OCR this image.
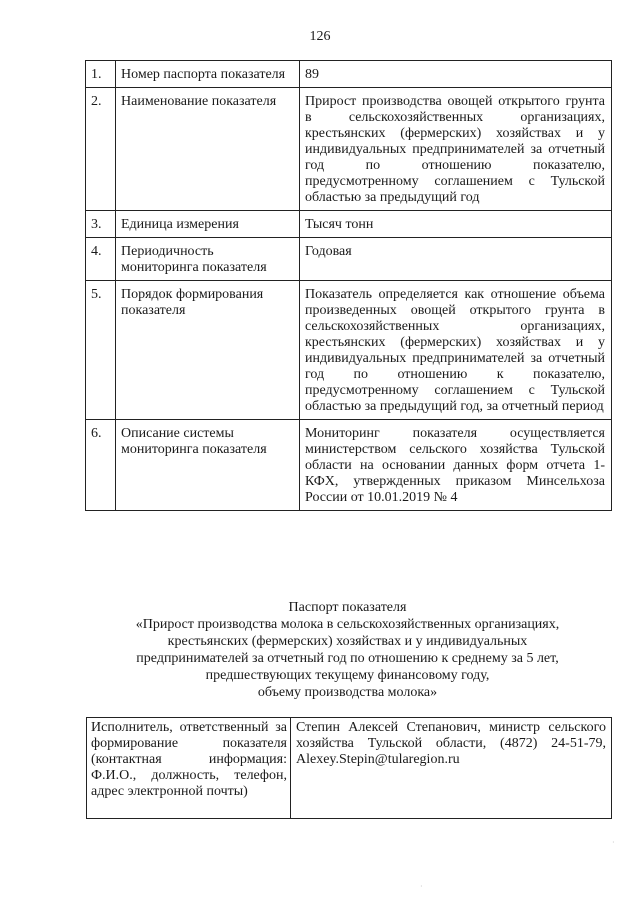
126
1.	Номер паспорта показателя	89
2.	Наименование показателя	Прирост производства овощей открытого грунта в сельскохозяйственных организациях, крестьянских (фермерских) хозяйствах и у индивидуальных предпринимателей за отчетный год по отношению показателю, предусмотренному соглашением с Тульской областью за предыдущий год
3.	Единица измерения	Тысяч тонн
4.	Периодичность мониторинга показателя	Годовая
5.	Порядок формирования показателя	Показатель определяется как отношение объема произведенных овощей открытого грунта в сельскохозяйственных организациях, крестьянских (фермерских) хозяйствах и у индивидуальных предпринимателей за отчетный год по отношению к показателю, предусмотренному соглашением с Тульской областью за предыдущий год, за отчетный период
6.	Описание системы мониторинга показателя	Мониторинг показателя осуществляется министерством сельского хозяйства Тульской области на основании данных форм отчета 1-КФХ, утвержденных приказом Минсельхоза России от 10.01.2019 № 4
Паспорт показателя
«Прирост производства молока в сельскохозяйственных организациях,
крестьянских (фермерских) хозяйствах и у индивидуальных
предпринимателей за отчетный год по отношению к среднему за 5 лет,
предшествующих текущему финансовому году,
объему производства молока»
Исполнитель, ответственный за формирование показателя (контактная информация: Ф.И.О., должность, телефон, адрес электронной почты)	Степин Алексей Степанович, министр сельского хозяйства Тульской области, (4872) 24-51-79, Alexey.Stepin@tularegion.ru
·
·
